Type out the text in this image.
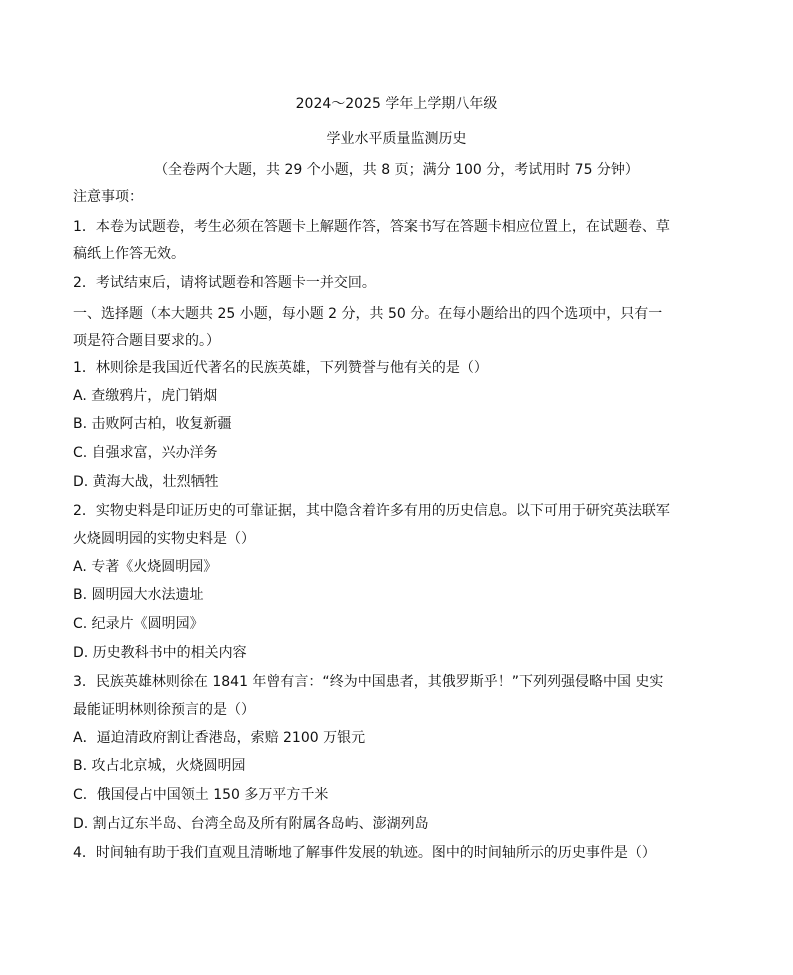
2024～2025 学年上学期八年级
学业水平质量监测历史
（全卷两个大题，共 29 个小题，共 8 页；满分 100 分，考试用时 75 分钟）
注意事项：
1．本卷为试题卷，考生必须在答题卡上解题作答，答案书写在答题卡相应位置上，在试题卷、草
稿纸上作答无效。
2．考试结束后，请将试题卷和答题卡一并交回。
一、选择题（本大题共 25 小题，每小题 2 分，共 50 分。在每小题给出的四个选项中，只有一
项是符合题目要求的。）
1．林则徐是我国近代著名的民族英雄，下列赞誉与他有关的是（）
A. 查缴鸦片，虎门销烟
B. 击败阿古柏，收复新疆
C. 自强求富，兴办洋务
D. 黄海大战，壮烈牺牲
2．实物史料是印证历史的可靠证据，其中隐含着许多有用的历史信息。以下可用于研究英法联军
火烧圆明园的实物史料是（）
A. 专著《火烧圆明园》
B. 圆明园大水法遗址
C. 纪录片《圆明园》
D. 历史教科书中的相关内容
3．民族英雄林则徐在 1841 年曾有言：“终为中国患者，其俄罗斯乎！”下列列强侵略中国 史实
最能证明林则徐预言的是（）
A．逼迫清政府割让香港岛，索赔 2100 万银元
B. 攻占北京城，火烧圆明园
C．俄国侵占中国领土 150 多万平方千米
D. 割占辽东半岛、台湾全岛及所有附属各岛屿、澎湖列岛
4．时间轴有助于我们直观且清晰地了解事件发展的轨迹。图中的时间轴所示的历史事件是（）
